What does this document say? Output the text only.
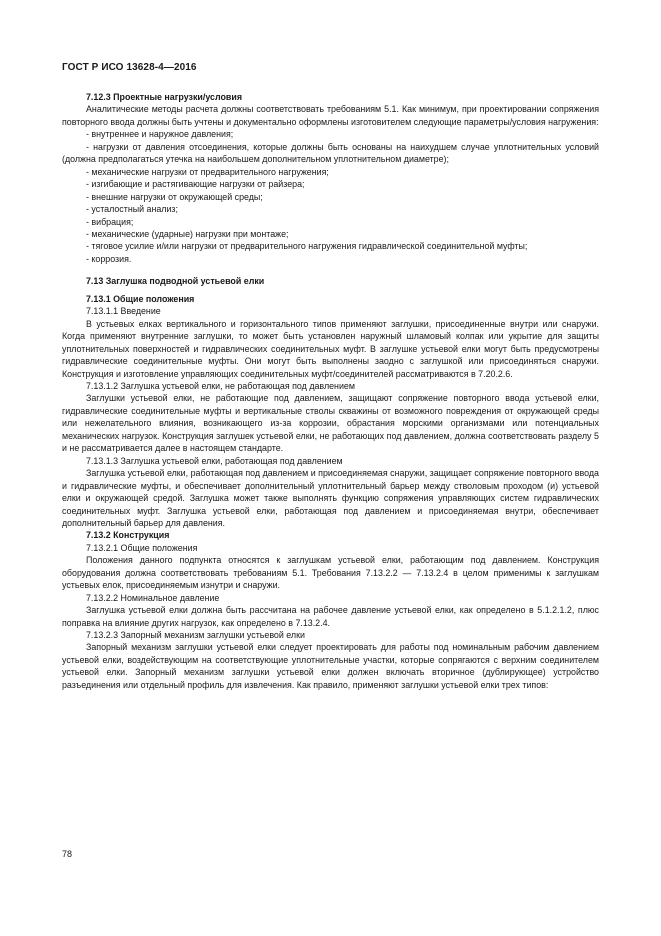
ГОСТ Р ИСО 13628-4—2016

7.12.3 Проектные нагрузки/условия

Аналитические методы расчета должны соответствовать требованиям 5.1. Как минимум, при проектировании сопряжения повторного ввода должны быть учтены и документально оформлены изготовителем следующие параметры/условия нагружения:

- внутреннее и наружное давления;

- нагрузки от давления отсоединения, которые должны быть основаны на наихудшем случае уплотнительных условий (должна предполагаться утечка на наибольшем дополнительном уплотнительном диаметре);

- механические нагрузки от предварительного нагружения;

- изгибающие и растягивающие нагрузки от райзера;

- внешние нагрузки от окружающей среды;

- усталостный анализ;

- вибрация;

- механические (ударные) нагрузки при монтаже;

- тяговое усилие и/или нагрузки от предварительного нагружения гидравлической соединительной муфты;

- коррозия.

7.13 Заглушка подводной устьевой елки

7.13.1 Общие положения

7.13.1.1 Введение

В устьевых елках вертикального и горизонтального типов применяют заглушки, присоединенные внутри или снаружи. Когда применяют внутренние заглушки, то может быть установлен наружный шламовый колпак или укрытие для защиты уплотнительных поверхностей и гидравлических соединительных муфт. В заглушке устьевой елки могут быть предусмотрены гидравлические соединительные муфты. Они могут быть выполнены заодно с заглушкой или присоединяться снаружи. Конструкция и изготовление управляющих соединительных муфт/соединителей рассматриваются в 7.20.2.6.

7.13.1.2 Заглушка устьевой елки, не работающая под давлением

Заглушки устьевой елки, не работающие под давлением, защищают сопряжение повторного ввода устьевой елки, гидравлические соединительные муфты и вертикальные стволы скважины от возможного повреждения от окружающей среды или нежелательного влияния, возникающего из-за коррозии, обрастания морскими организмами или потенциальных механических нагрузок. Конструкция заглушек устьевой елки, не работающих под давлением, должна соответствовать разделу 5 и не рассматривается далее в настоящем стандарте.

7.13.1.3 Заглушка устьевой елки, работающая под давлением

Заглушка устьевой елки, работающая под давлением и присоединяемая снаружи, защищает сопряжение повторного ввода и гидравлические муфты, и обеспечивает дополнительный уплотнительный барьер между стволовым проходом (и) устьевой елки и окружающей средой. Заглушка может также выполнять функцию сопряжения управляющих систем гидравлических соединительных муфт. Заглушка устьевой елки, работающая под давлением и присоединяемая внутри, обеспечивает дополнительный барьер для давления.

7.13.2 Конструкция

7.13.2.1 Общие положения

Положения данного подпункта относятся к заглушкам устьевой елки, работающим под давлением. Конструкция оборудования должна соответствовать требованиям 5.1. Требования 7.13.2.2 — 7.13.2.4 в целом применимы к заглушкам устьевых елок, присоединяемым изнутри и снаружи.

7.13.2.2 Номинальное давление

Заглушка устьевой елки должна быть рассчитана на рабочее давление устьевой елки, как определено в 5.1.2.1.2, плюс поправка на влияние других нагрузок, как определено в 7.13.2.4.

7.13.2.3 Запорный механизм заглушки устьевой елки

Запорный механизм заглушки устьевой елки следует проектировать для работы под номинальным рабочим давлением устьевой елки, воздействующим на соответствующие уплотнительные участки, которые сопрягаются с верхним соединителем устьевой елки. Запорный механизм заглушки устьевой елки должен включать вторичное (дублирующее) устройство разъединения или отдельный профиль для извлечения. Как правило, применяют заглушки устьевой елки трех типов:

78
